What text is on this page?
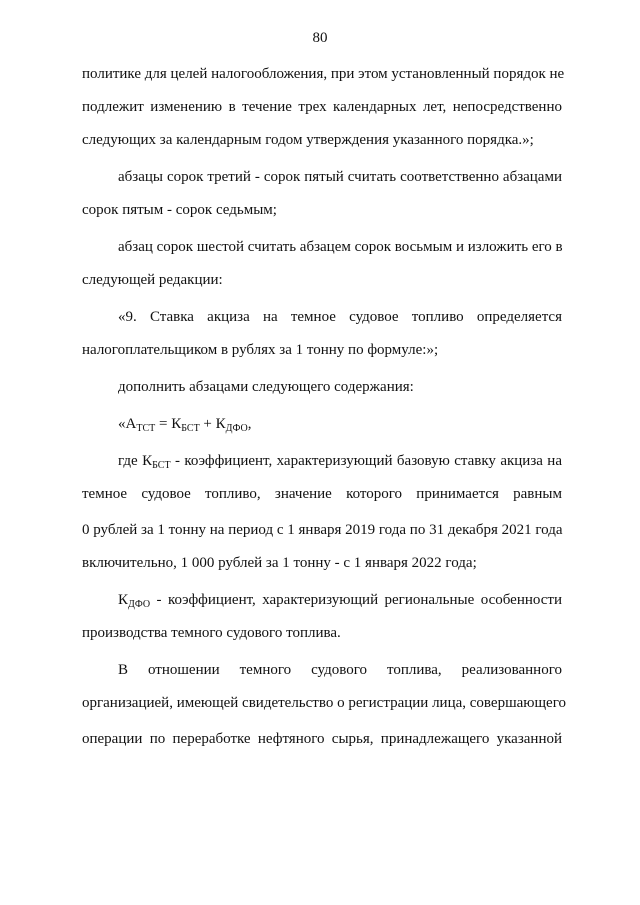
80
политике для целей налогообложения, при этом установленный порядок не
подлежит изменению в течение трех календарных лет, непосредственно
следующих за календарным годом утверждения указанного порядка.»;
абзацы сорок третий - сорок пятый считать соответственно абзацами
сорок пятым - сорок седьмым;
абзац сорок шестой считать абзацем сорок восьмым и изложить его в
следующей редакции:
«9. Ставка акциза на темное судовое топливо определяется
налогоплательщиком в рублях за 1 тонну по формуле:»;
дополнить абзацами следующего содержания:
«$А_{ТСТ} = К_{БСТ} + К_{ДФО}$,
где $К_{БСТ}$ - коэффициент, характеризующий базовую ставку акциза на
темное судовое топливо, значение которого принимается равным
0 рублей за 1 тонну на период с 1 января 2019 года по 31 декабря 2021 года
включительно, 1 000 рублей за 1 тонну - с 1 января 2022 года;
$К_{ДФО}$ - коэффициент, характеризующий региональные особенности
производства темного судового топлива.
В отношении темного судового топлива, реализованного
организацией, имеющей свидетельство о регистрации лица, совершающего
операции по переработке нефтяного сырья, принадлежащего указанной
